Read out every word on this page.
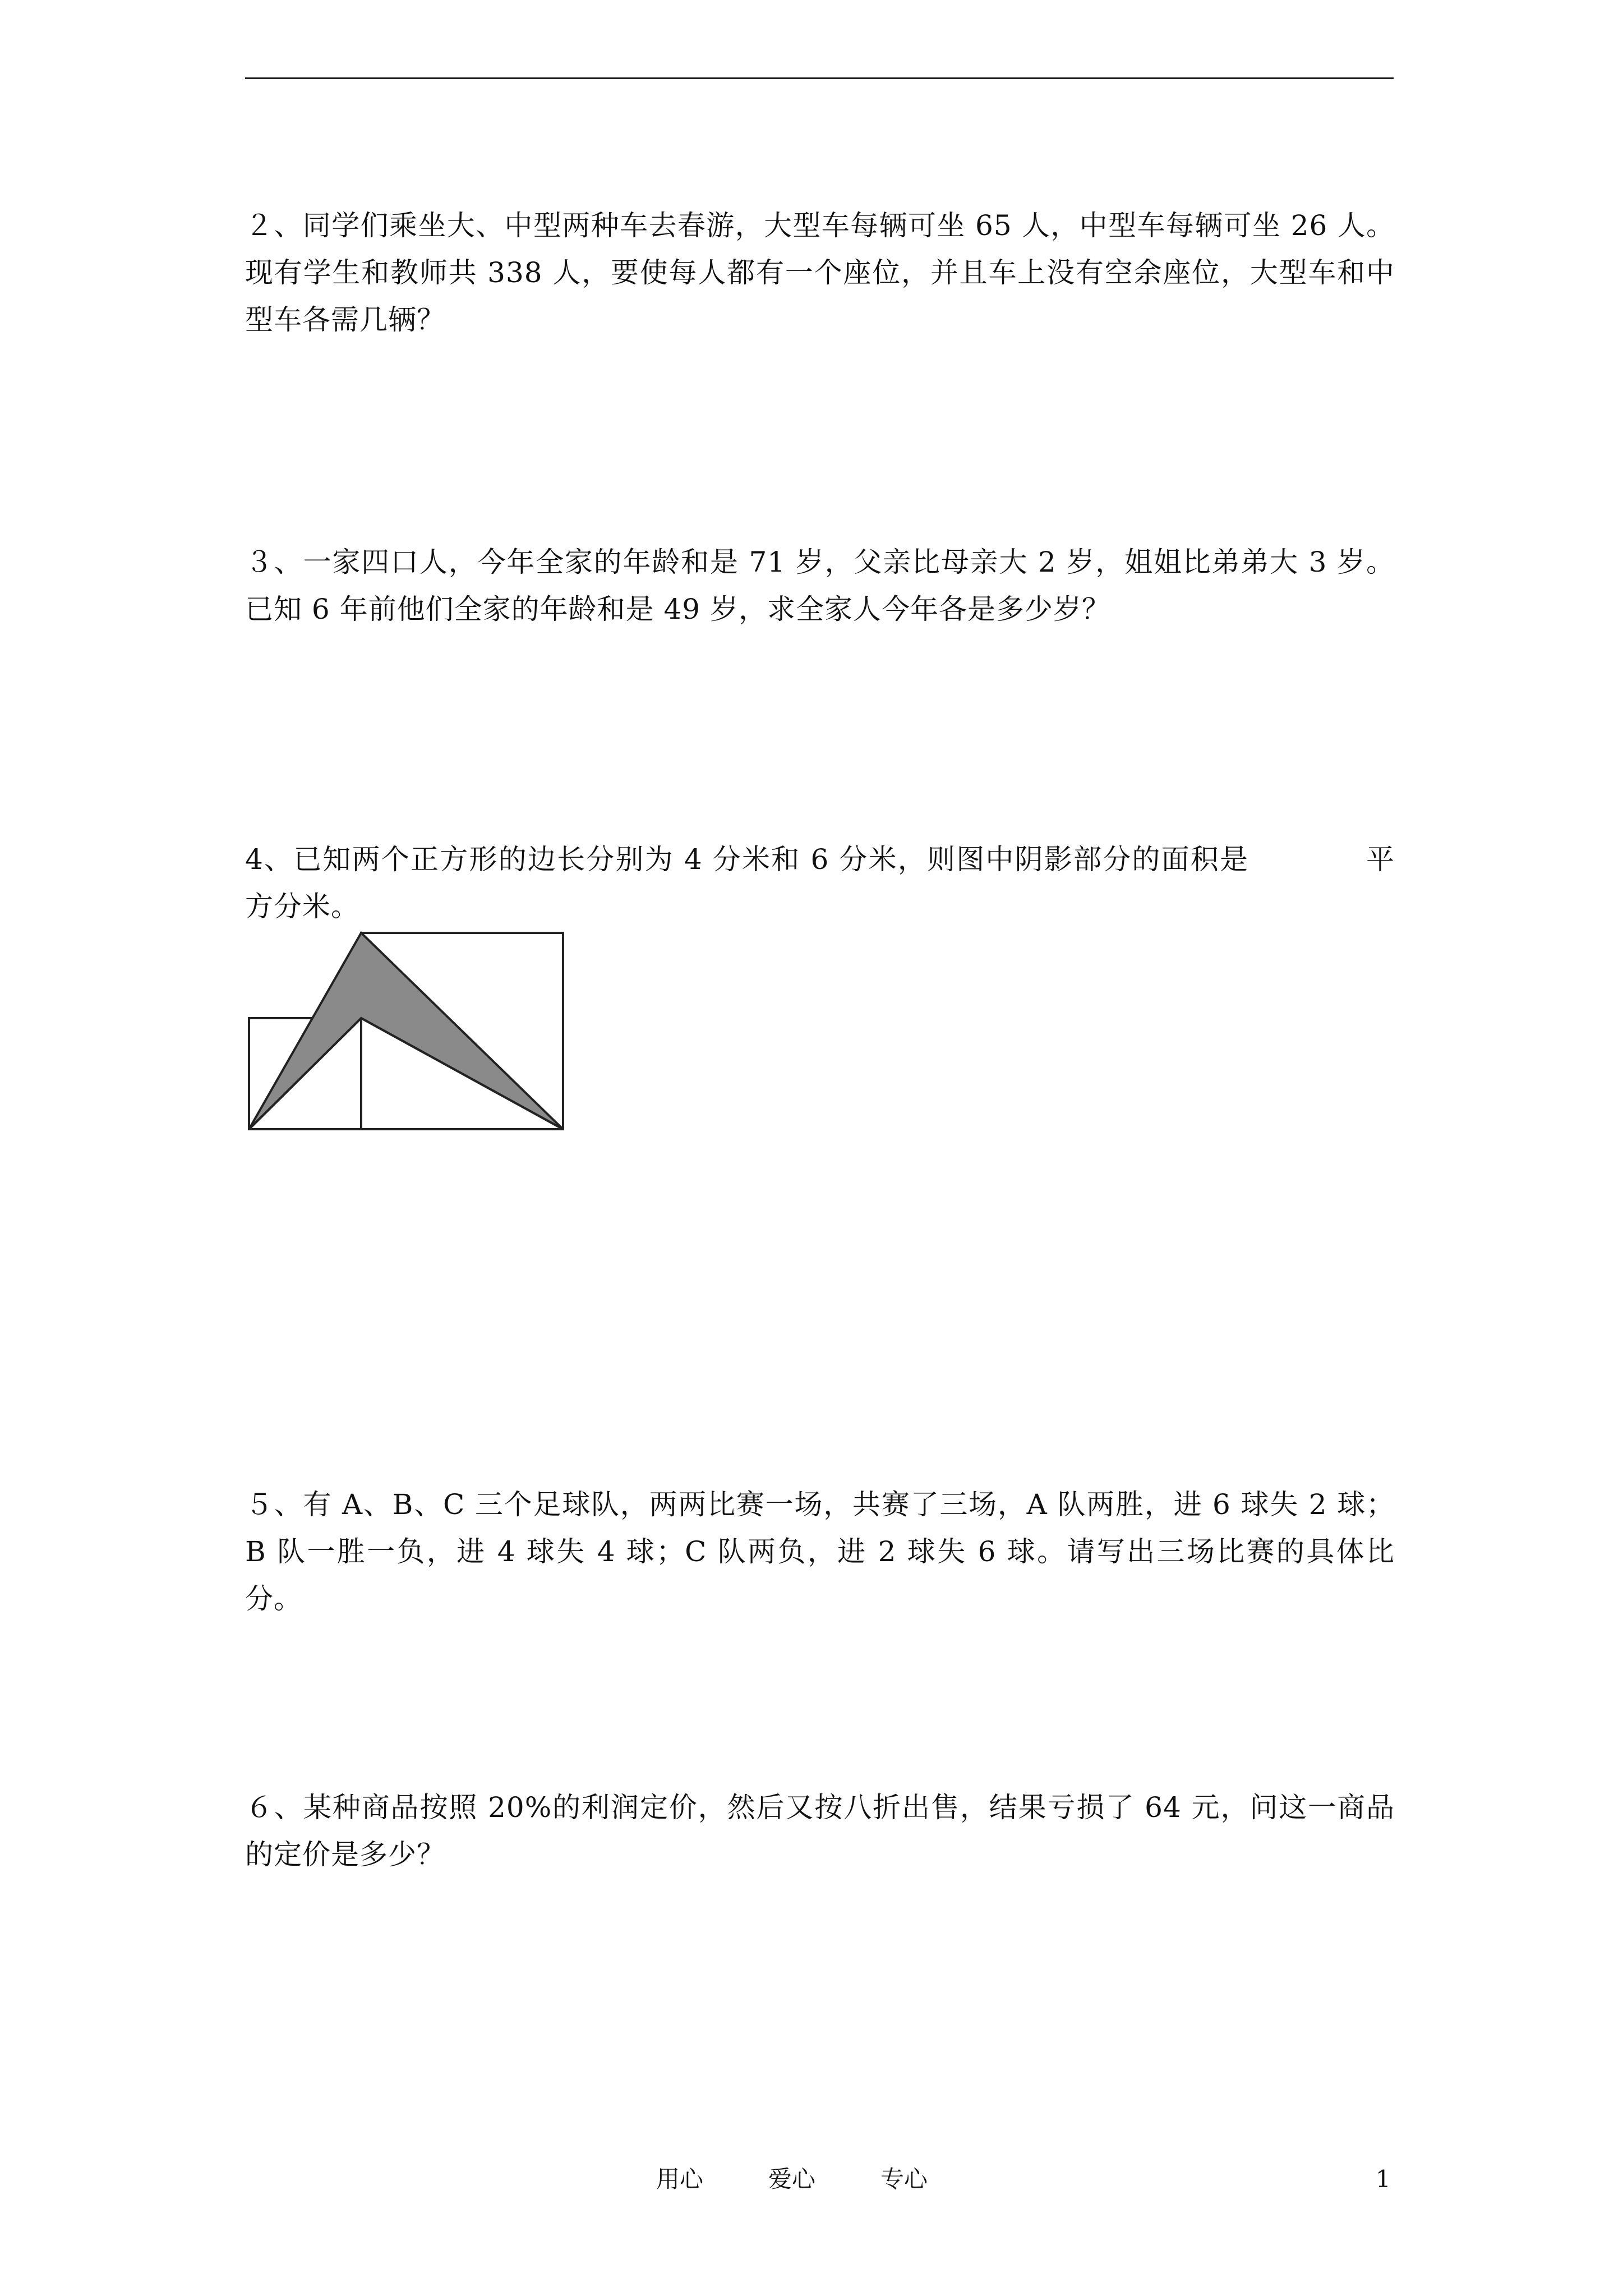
２、同学们乘坐大、中型两种车去春游，大型车每辆可坐 65 人，中型车每辆可坐 26 人。现有学生和教师共 338 人，要使每人都有一个座位，并且车上没有空余座位，大型车和中型车各需几辆？

３、一家四口人，今年全家的年龄和是 71 岁，父亲比母亲大 2 岁，姐姐比弟弟大 3 岁。已知 6 年前他们全家的年龄和是 49 岁，求全家人今年各是多少岁？

4、已知两个正方形的边长分别为 4 分米和 6 分米，则图中阴影部分的面积是　　　　平方分米。

５、有 A、B、C 三个足球队，两两比赛一场，共赛了三场，A 队两胜，进 6 球失 2 球；B 队一胜一负，进 4 球失 4 球；C 队两负，进 2 球失 6 球。请写出三场比赛的具体比分。

６、某种商品按照 20%的利润定价，然后又按八折出售，结果亏损了 64 元，问这一商品的定价是多少？

用心	爱心	专心	1
